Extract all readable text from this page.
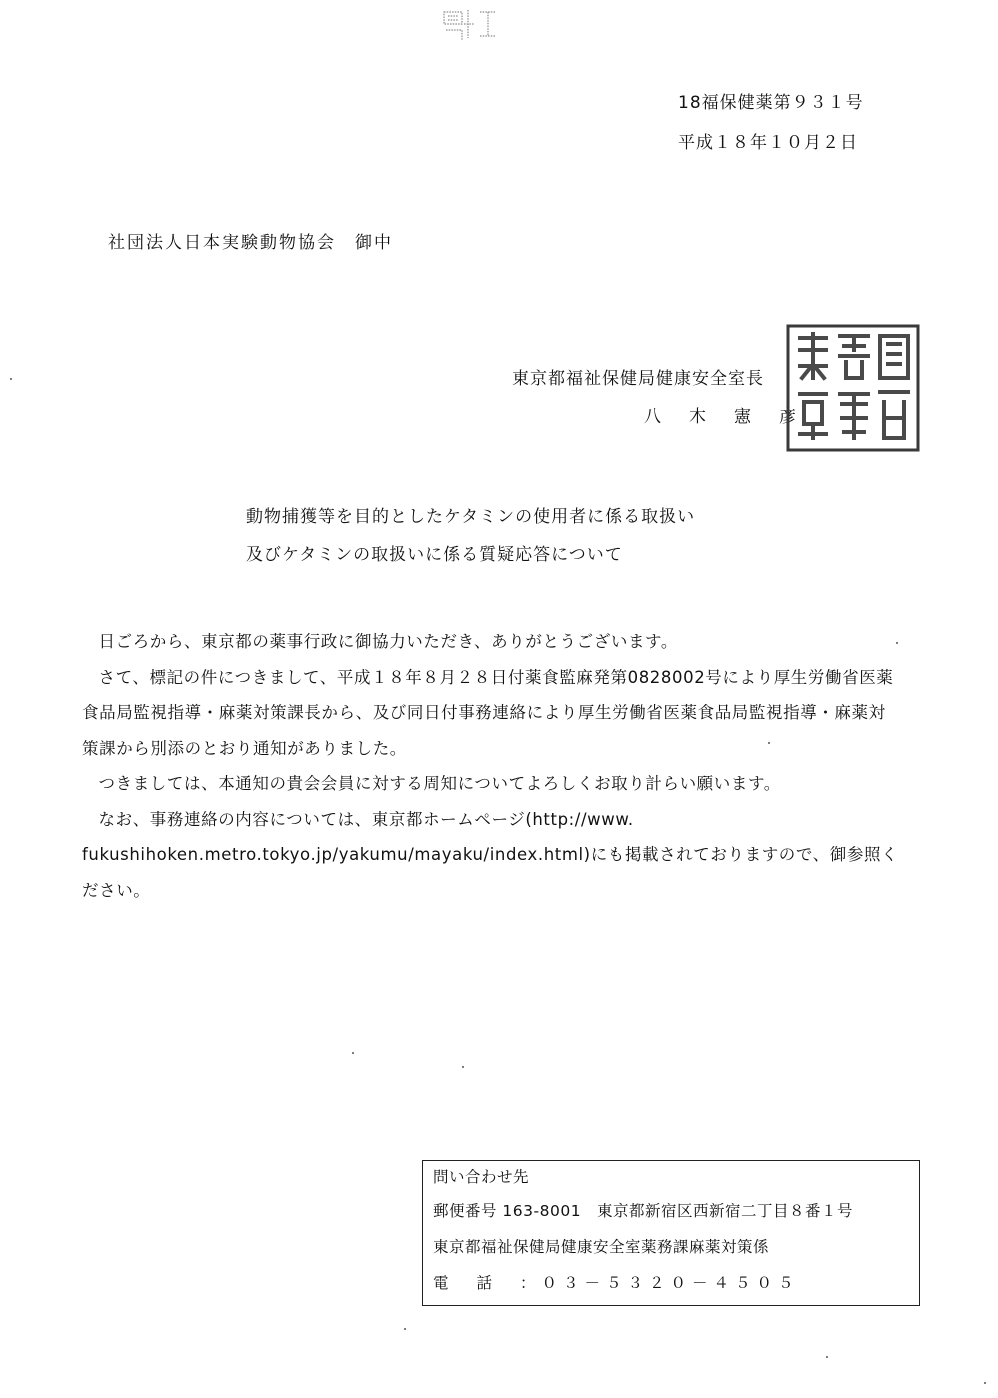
18福保健薬第９３１号
平成１８年１０月２日
社団法人日本実験動物協会　御中
東京都福祉保健局健康安全室長
八木憲彦
動物捕獲等を目的としたケタミンの使用者に係る取扱い
及びケタミンの取扱いに係る質疑応答について

日ごろから、東京都の薬事行政に御協力いただき、ありがとうございます。

さて、標記の件につきまして、平成１８年８月２８日付薬食監麻発第0828002号により厚生労働省医薬食品局監視指導・麻薬対策課長から、及び同日付事務連絡により厚生労働省医薬食品局監視指導・麻薬対策課から別添のとおり通知がありました。

つきましては、本通知の貴会会員に対する周知についてよろしくお取り計らい願います。

なお、事務連絡の内容については、東京都ホームページ(http://www. fukushihoken.metro.tokyo.jp/yakumu/mayaku/index.html)にも掲載されておりますので、御参照ください。

問い合わせ先
郵便番号 163-8001　東京都新宿区西新宿二丁目８番１号
東京都福祉保健局健康安全室薬務課麻薬対策係
電話：０３－５３２０－４５０５
